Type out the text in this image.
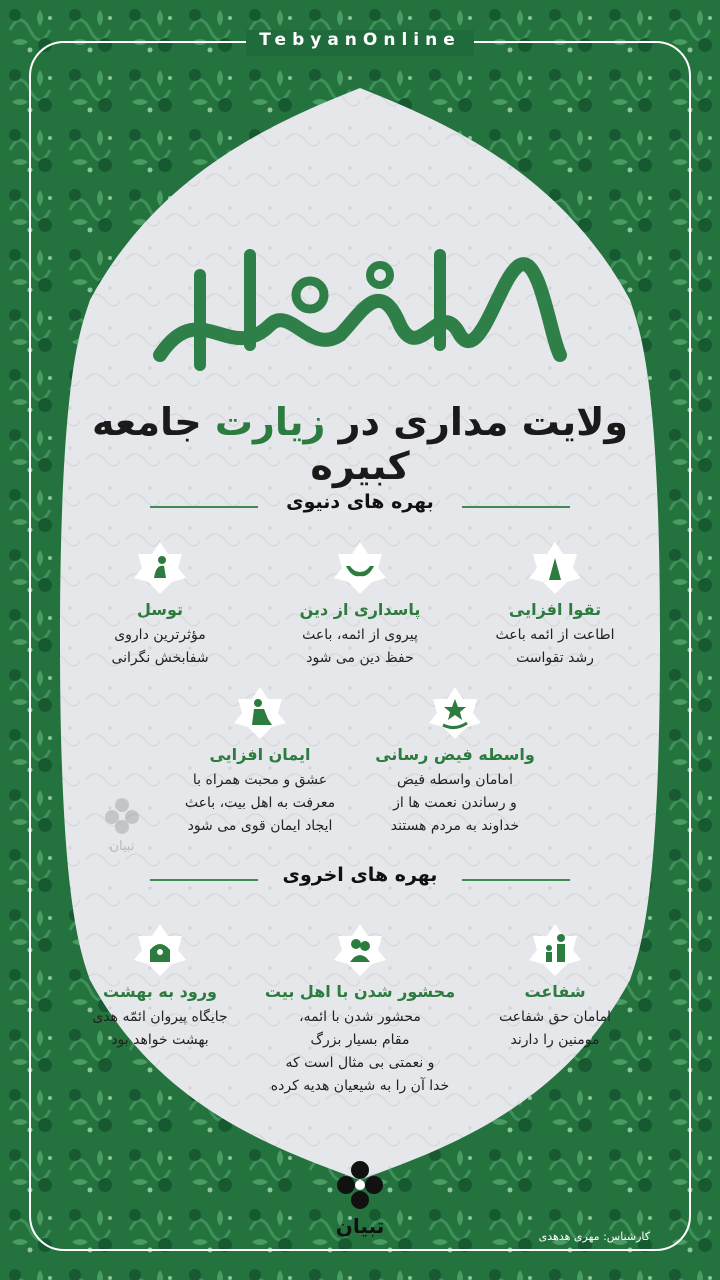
TebyanOnline
ولایت مداری در زیارت جامعه کبیره
بهره های دنیوی
بهره های اخروی
تقوا افزایی
اطاعت از ائمه باعث
رشد تقواست
پاسداری از دین
پیروی از ائمه، باعث
حفظ دین می شود
توسل
مؤثرترین داروی
شفابخش نگرانی
واسطه فیض رسانی
امامان واسطه فیض
و رساندن نعمت ها از
خداوند به مردم هستند
ایمان افزایی
عشق و محبت همراه با
معرفت به اهل بیت، باعث
ایجاد ایمان قوی می شود
شفاعت
امامان حق شفاعت
مومنین را دارند
محشور شدن با اهل بیت
محشور شدن با ائمه،
مقام بسیار بزرگ
و نعمتی بی مثال است که
خدا آن را به شیعیان هدیه کرده
ورود به بهشت
جایگاه پیروان ائمّه هدی
بهشت خواهد بود
تبیان
تبیان	کارشناس: مهری هدهدی
